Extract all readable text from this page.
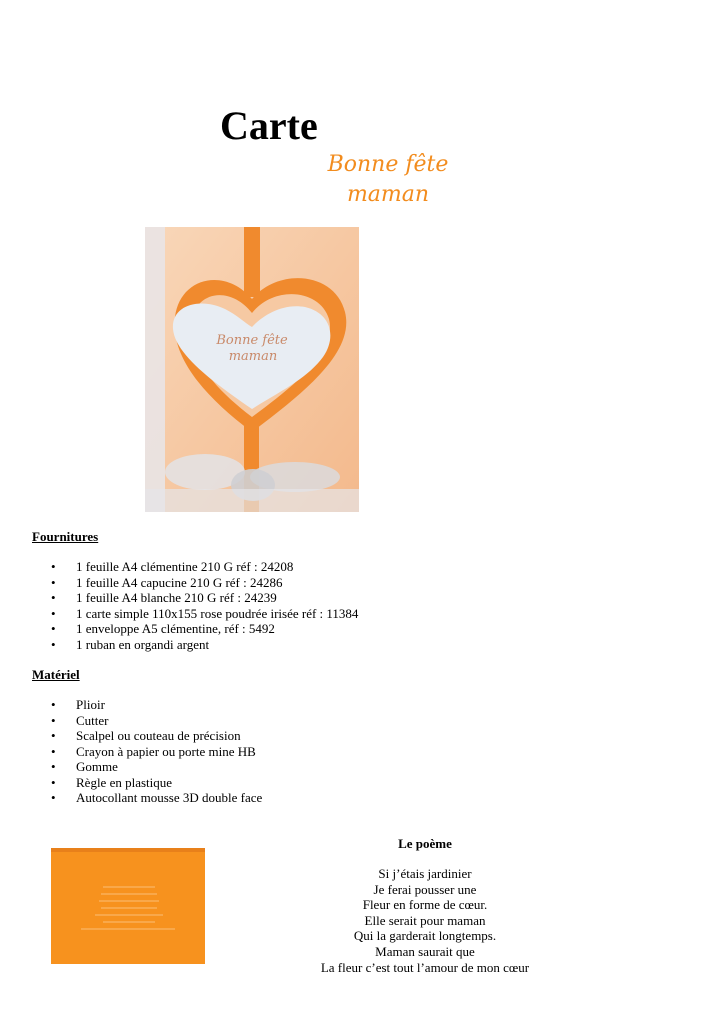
Carte
Bonne fête
maman
Bonne fête
maman
Fournitures
• 1 feuille A4 clémentine 210 G réf : 24208
• 1 feuille A4 capucine 210 G réf : 24286
• 1 feuille A4 blanche 210 G réf : 24239
• 1 carte simple 110x155 rose poudrée irisée réf : 11384
• 1 enveloppe A5 clémentine, réf : 5492
• 1 ruban en organdi argent
Matériel
• Plioir
• Cutter
• Scalpel ou couteau de précision
• Crayon à papier ou porte mine HB
• Gomme
• Règle en plastique
• Autocollant mousse 3D double face
Le poème
Si j’étais jardinier
Je ferai pousser une
Fleur en forme de cœur.
Elle serait pour maman
Qui la garderait longtemps.
Maman saurait que
La fleur c’est tout l’amour de mon cœur
